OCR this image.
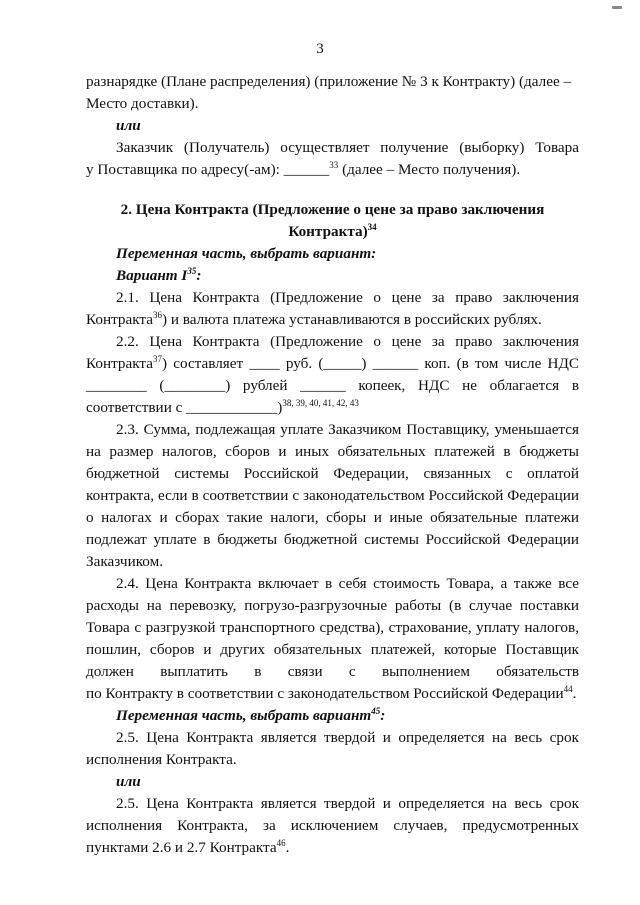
3
разнарядке (Плане распределения) (приложение № 3 к Контракту) (далее –
Место доставки).
или
Заказчик (Получатель) осуществляет получение (выборку) Товара
у Поставщика по адресу(-ам): ______$^{33}$ (далее – Место получения).
2. Цена Контракта (Предложение о цене за право заключения
Контракта)$^{34}$
Переменная часть, выбрать вариант:
Вариант $I^{35}$:
2.1. Цена Контракта (Предложение о цене за право заключения
Контракта$^{36}$) и валюта платежа устанавливаются в российских рублях.
2.2. Цена Контракта (Предложение о цене за право заключения
Контракта$^{37}$) составляет ____ руб. (_____) ______ коп. (в том числе НДС
________ (________) рублей ______ копеек, НДС не облагается в
соответствии с ____________)$^{38, 39, 40, 41, 42, 43}$
2.3. Сумма, подлежащая уплате Заказчиком Поставщику, уменьшается
на размер налогов, сборов и иных обязательных платежей в бюджеты
бюджетной системы Российской Федерации, связанных с оплатой
контракта, если в соответствии с законодательством Российской Федерации
о налогах и сборах такие налоги, сборы и иные обязательные платежи
подлежат уплате в бюджеты бюджетной системы Российской Федерации
Заказчиком.
2.4. Цена Контракта включает в себя стоимость Товара, а также все
расходы на перевозку, погрузо-разгрузочные работы (в случае поставки
Товара с разгрузкой транспортного средства), страхование, уплату налогов,
пошлин, сборов и других обязательных платежей, которые Поставщик
должен выплатить в связи с выполнением обязательств
по Контракту в соответствии с законодательством Российской Федерации$^{44}$.
Переменная часть, выбрать вариант$^{45}$:
2.5. Цена Контракта является твердой и определяется на весь срок
исполнения Контракта.
или
2.5. Цена Контракта является твердой и определяется на весь срок
исполнения Контракта, за исключением случаев, предусмотренных
пунктами 2.6 и 2.7 Контракта$^{46}$.
